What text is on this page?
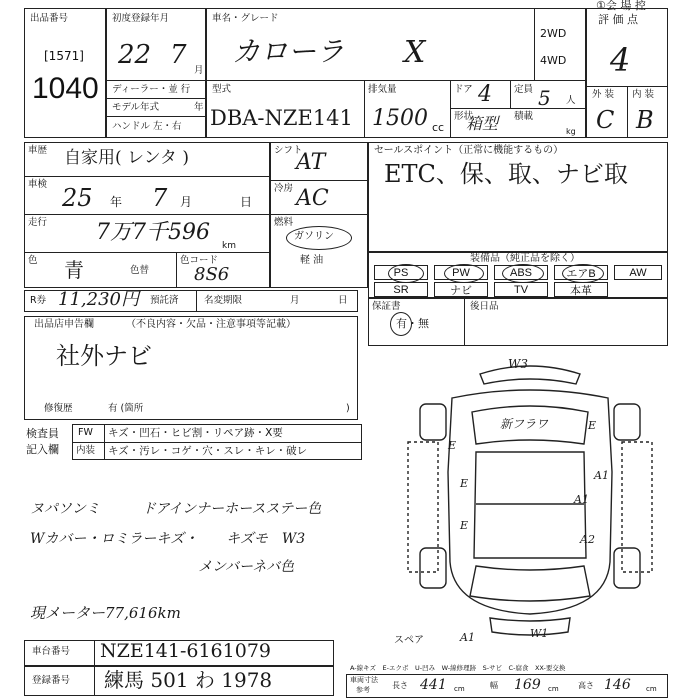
出品番号
[1571]
1040
初度登録年月
22 7
月
ディーラー・並 行
モデル年式	年
ハンドル 左・右
車名・グレード
カローラ X
2WD
4WD
型式
DBA-NZE141
排気量
1500 cc
ドア 4 定員 5 人
形状
箱型 積載
kg
①会 場 控
評 価 点
4
外 装 内 装
C B
車歴 自家用( レンタ )
車検 25 年 7 月	日
走行 7万7千596
km
色 青	色替
色コード
8S6
シフト
AT
冷房 AC
燃料
ガソリン
軽 油
セールスポイント（正常に機能するもの）
ETC、保、取、ナビ取
装備品（純正品を除く）
PS	PW	ABS	エアB	AW
SR	ナビ	TV	本革
R券 11,230円 預託済	名変期限	月	日
保証書
有・無
後日品
出品店申告欄	（不良内容・欠品・注意事項等記載）
社外ナビ
修復歴	有 (箇所	)
検査員
記入欄
FW キズ・凹石・ヒビ割・リペア跡・X要
内装 キズ・汚レ・コゲ・穴・スレ・キレ・破レ
ヌパソンミ　　　ドアインナーホースステー色
Wカバー・ロミラーキズ・　　キズモ　W3
　　　　　　　　　　　　メンバーネバ色
現メーター77,616km
W3
新フラワ
E
E
E
A1
E
A1
A1	W1
スペア
A2
A-線キズ　E-エクボ　U-凹み　W-線修理跡　S-サビ　C-腐食　XX-要交換
車台番号 NZE141-6161079
登録番号 練馬 501 わ 1978	車両寸法
参考	長さ 441 cm	幅 169 cm 高さ 146 cm
